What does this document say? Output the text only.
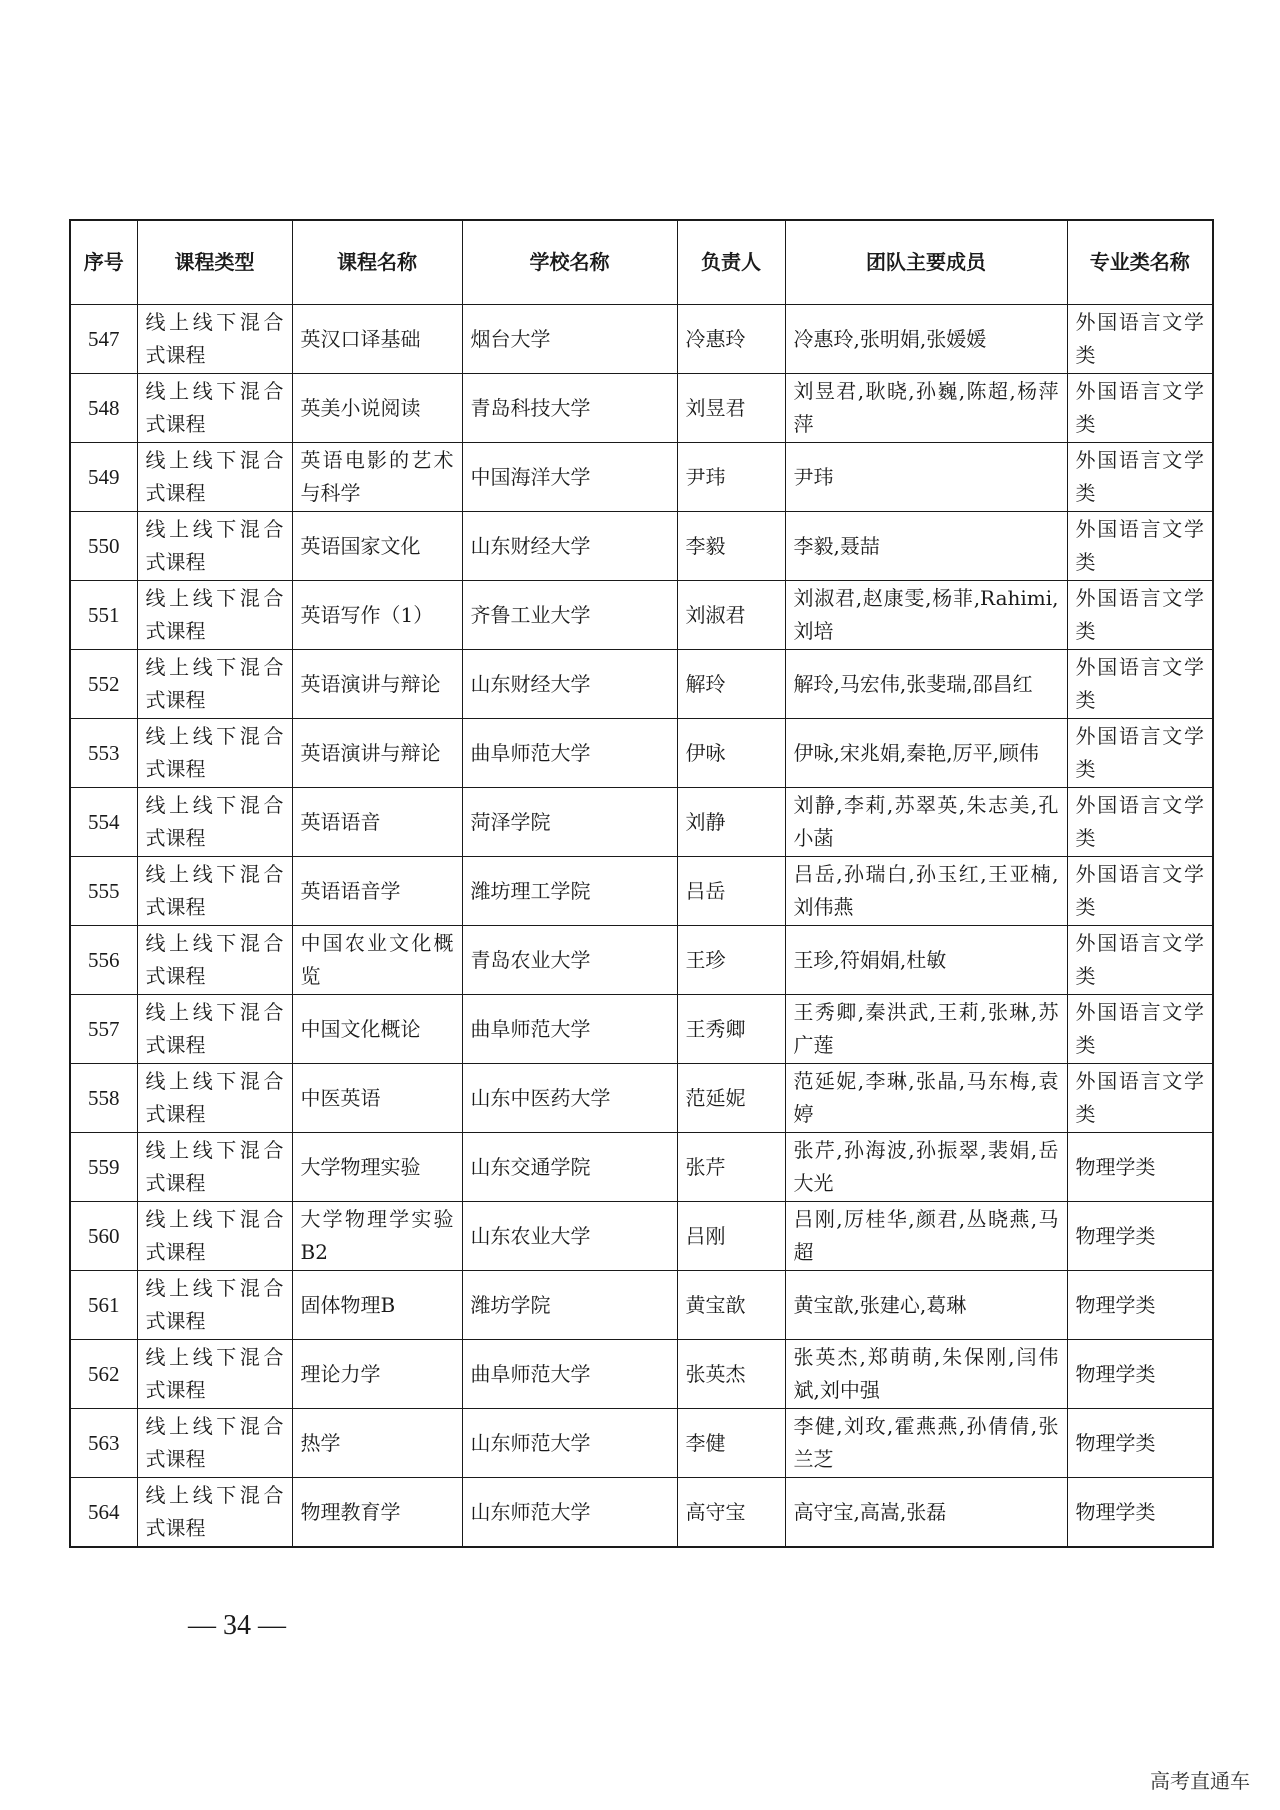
序号	课程类型	课程名称	学校名称	负责人	团队主要成员	专业类名称
547	线上线下混合式课程	英汉口译基础	烟台大学	冷惠玲	冷惠玲,张明娟,张媛媛	外国语言文学类
548	线上线下混合式课程	英美小说阅读	青岛科技大学	刘昱君	刘昱君,耿晓,孙巍,陈超,杨萍萍	外国语言文学类
549	线上线下混合式课程	英语电影的艺术与科学	中国海洋大学	尹玮	尹玮	外国语言文学类
550	线上线下混合式课程	英语国家文化	山东财经大学	李毅	李毅,聂喆	外国语言文学类
551	线上线下混合式课程	英语写作（1）	齐鲁工业大学	刘淑君	刘淑君,赵康雯,杨菲,Rahimi,刘培	外国语言文学类
552	线上线下混合式课程	英语演讲与辩论	山东财经大学	解玲	解玲,马宏伟,张斐瑞,邵昌红	外国语言文学类
553	线上线下混合式课程	英语演讲与辩论	曲阜师范大学	伊咏	伊咏,宋兆娟,秦艳,厉平,顾伟	外国语言文学类
554	线上线下混合式课程	英语语音	菏泽学院	刘静	刘静,李莉,苏翠英,朱志美,孔小菡	外国语言文学类
555	线上线下混合式课程	英语语音学	潍坊理工学院	吕岳	吕岳,孙瑞白,孙玉红,王亚楠,刘伟燕	外国语言文学类
556	线上线下混合式课程	中国农业文化概览	青岛农业大学	王珍	王珍,符娟娟,杜敏	外国语言文学类
557	线上线下混合式课程	中国文化概论	曲阜师范大学	王秀卿	王秀卿,秦洪武,王莉,张琳,苏广莲	外国语言文学类
558	线上线下混合式课程	中医英语	山东中医药大学	范延妮	范延妮,李琳,张晶,马东梅,袁婷	外国语言文学类
559	线上线下混合式课程	大学物理实验	山东交通学院	张芹	张芹,孙海波,孙振翠,裴娟,岳大光	物理学类
560	线上线下混合式课程	大学物理学实验B2	山东农业大学	吕刚	吕刚,厉桂华,颜君,丛晓燕,马超	物理学类
561	线上线下混合式课程	固体物理B	潍坊学院	黄宝歆	黄宝歆,张建心,葛琳	物理学类
562	线上线下混合式课程	理论力学	曲阜师范大学	张英杰	张英杰,郑萌萌,朱保刚,闫伟斌,刘中强	物理学类
563	线上线下混合式课程	热学	山东师范大学	李健	李健,刘玫,霍燕燕,孙倩倩,张兰芝	物理学类
564	线上线下混合式课程	物理教育学	山东师范大学	高守宝	高守宝,高嵩,张磊	物理学类
— 34 —
高考直通车
